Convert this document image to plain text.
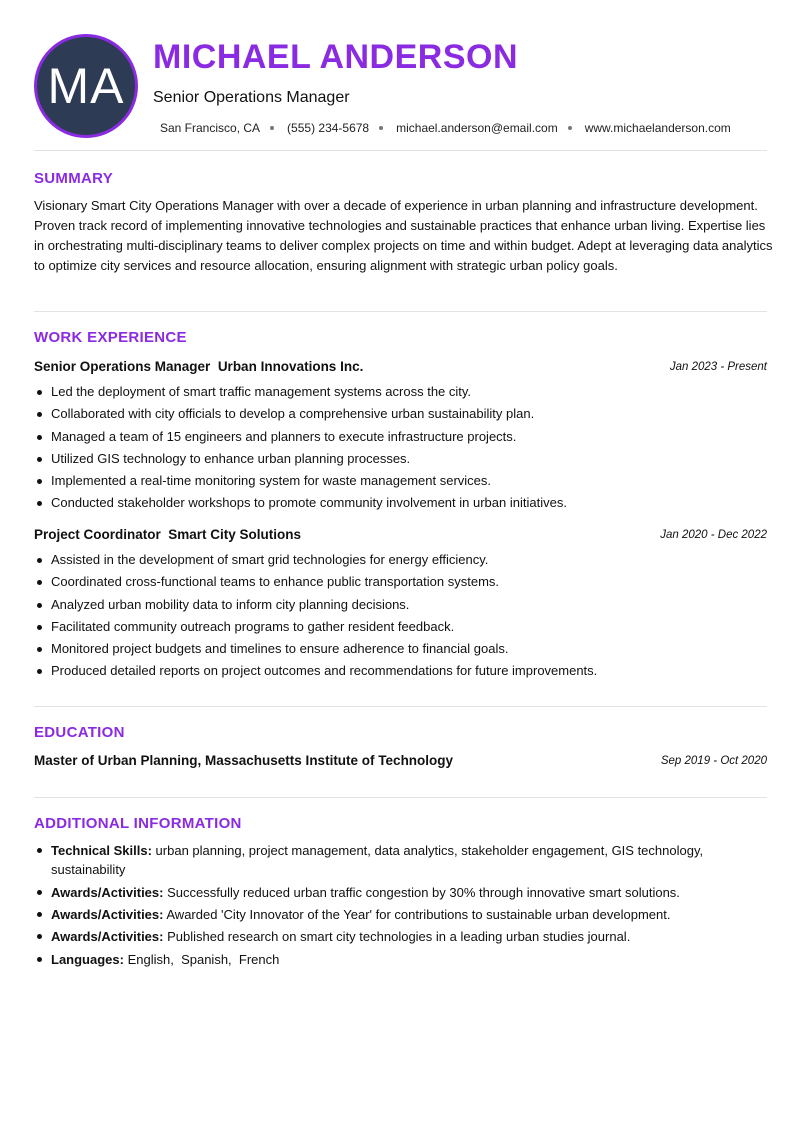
MA
MICHAEL ANDERSON
Senior Operations Manager
San Francisco, CA (555) 234-5678 michael.anderson@email.com www.michaelanderson.com
SUMMARY

Visionary Smart City Operations Manager with over a decade of experience in urban planning and infrastructure development. Proven track record of implementing innovative technologies and sustainable practices that enhance urban living. Expertise lies in orchestrating multi-disciplinary teams to deliver complex projects on time and within budget. Adept at leveraging data analytics to optimize city services and resource allocation, ensuring alignment with strategic urban policy goals.

WORK EXPERIENCE
Senior Operations Manager Urban Innovations Inc.	Jan 2023 - Present
Led the deployment of smart traffic management systems across the city.
Collaborated with city officials to develop a comprehensive urban sustainability plan.
Managed a team of 15 engineers and planners to execute infrastructure projects.
Utilized GIS technology to enhance urban planning processes.
Implemented a real-time monitoring system for waste management services.
Conducted stakeholder workshops to promote community involvement in urban initiatives.
Project Coordinator Smart City Solutions	Jan 2020 - Dec 2022
Assisted in the development of smart grid technologies for energy efficiency.
Coordinated cross-functional teams to enhance public transportation systems.
Analyzed urban mobility data to inform city planning decisions.
Facilitated community outreach programs to gather resident feedback.
Monitored project budgets and timelines to ensure adherence to financial goals.
Produced detailed reports on project outcomes and recommendations for future improvements.
EDUCATION
Master of Urban Planning, Massachusetts Institute of Technology	Sep 2019 - Oct 2020
ADDITIONAL INFORMATION
Technical Skills: urban planning, project management, data analytics, stakeholder engagement, GIS technology, sustainability
Awards/Activities: Successfully reduced urban traffic congestion by 30% through innovative smart solutions.
Awards/Activities: Awarded 'City Innovator of the Year' for contributions to sustainable urban development.
Awards/Activities: Published research on smart city technologies in a leading urban studies journal.
Languages: English,  Spanish,  French
